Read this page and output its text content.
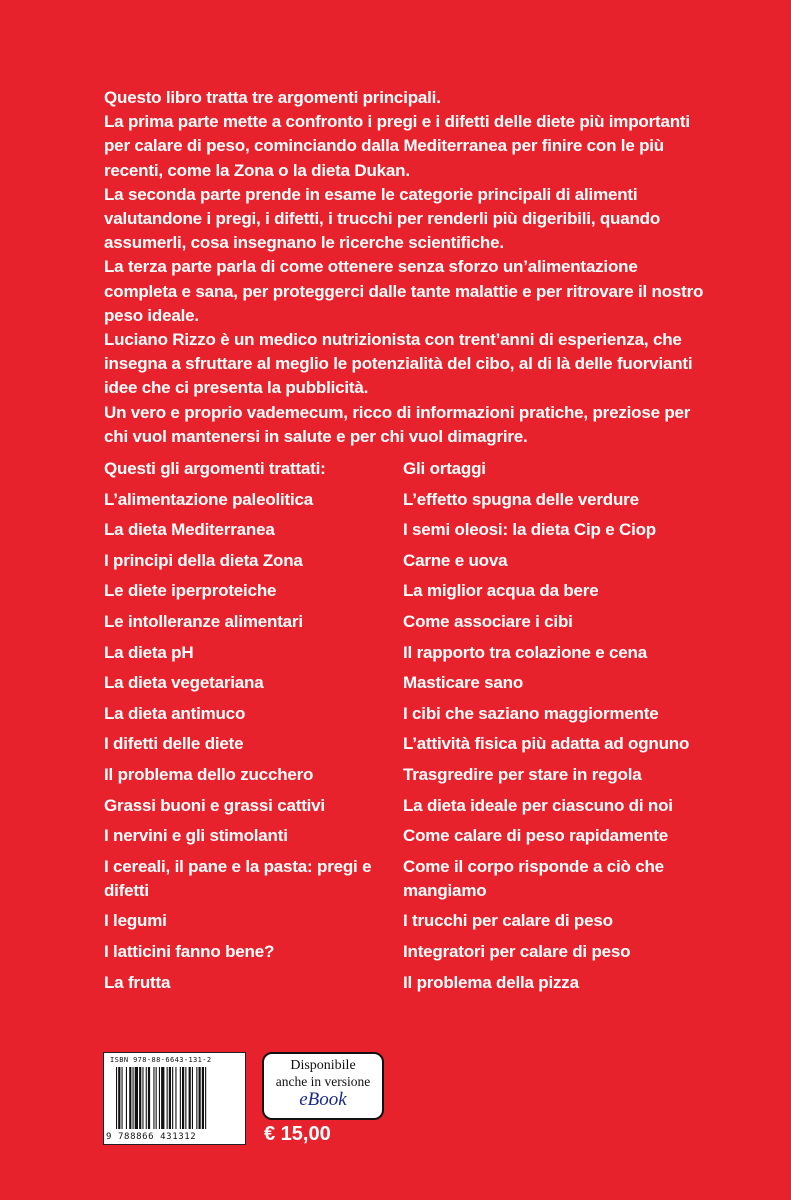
Questo libro tratta tre argomenti principali.

La prima parte mette a confronto i pregi e i difetti delle diete più importanti per calare di peso, cominciando dalla Mediterranea per finire con le più recenti, come la Zona o la dieta Dukan.

La seconda parte prende in esame le categorie principali di alimenti valutandone i pregi, i difetti, i trucchi per renderli più digeribili, quando assumerli, cosa insegnano le ricerche scientifiche.

La terza parte parla di come ottenere senza sforzo un’alimentazione completa e sana, per proteggerci dalle tante malattie e per ritrovare il nostro peso ideale.

Luciano Rizzo è un medico nutrizionista con trent’anni di esperienza, che insegna a sfruttare al meglio le potenzialità del cibo, al di là delle fuorvianti idee che ci presenta la pubblicità.

Un vero e proprio vademecum, ricco di informazioni pratiche, preziose per chi vuol mantenersi in salute e per chi vuol dimagrire.

Questi gli argomenti trattati:
L’alimentazione paleolitica
La dieta Mediterranea
I principi della dieta Zona
Le diete iperproteiche
Le intolleranze alimentari
La dieta pH
La dieta vegetariana
La dieta antimuco
I difetti delle diete
Il problema dello zucchero
Grassi buoni e grassi cattivi
I nervini e gli stimolanti
I cereali, il pane e la pasta: pregi e difetti
I legumi
I latticini fanno bene?
La frutta
Gli ortaggi
L’effetto spugna delle verdure
I semi oleosi: la dieta Cip e Ciop
Carne e uova
La miglior acqua da bere
Come associare i cibi
Il rapporto tra colazione e cena
Masticare sano
I cibi che saziano maggiormente
L’attività fisica più adatta ad ognuno
Trasgredire per stare in regola
La dieta ideale per ciascuno di noi
Come calare di peso rapidamente
Come il corpo risponde a ciò che mangiamo
I trucchi per calare di peso
Integratori per calare di peso
Il problema della pizza
ISBN 978-88-6643-131-2
9 788866 431312
Disponibile
anche in versione
eBook
€ 15,00
